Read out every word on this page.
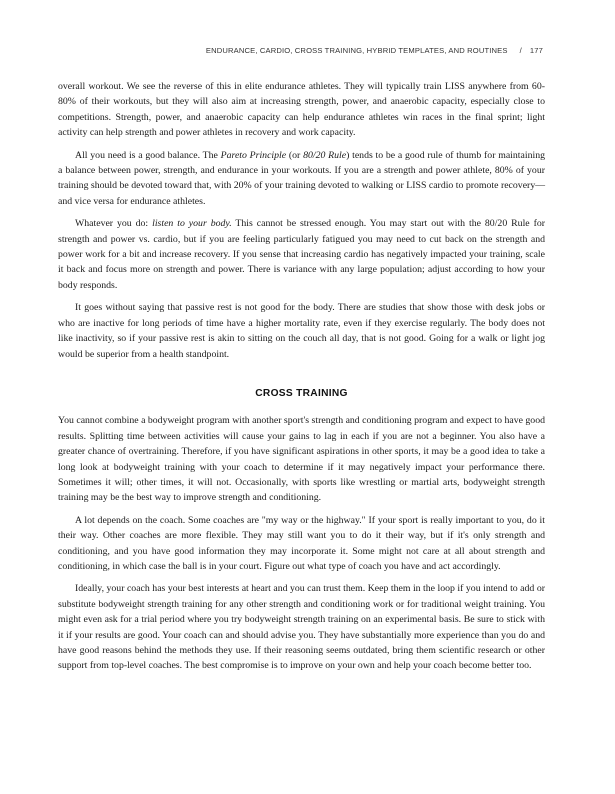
ENDURANCE, CARDIO, CROSS TRAINING, HYBRID TEMPLATES, AND ROUTINES / 177

overall workout. We see the reverse of this in elite endurance athletes. They will typically train LISS anywhere from 60-80% of their workouts, but they will also aim at increasing strength, power, and anaerobic capacity, especially close to competitions. Strength, power, and anaerobic capacity can help endurance athletes win races in the final sprint; light activity can help strength and power athletes in recovery and work capacity.

All you need is a good balance. The Pareto Principle (or 80/20 Rule) tends to be a good rule of thumb for maintaining a balance between power, strength, and endurance in your workouts. If you are a strength and power athlete, 80% of your training should be devoted toward that, with 20% of your training devoted to walking or LISS cardio to promote recovery—and vice versa for endurance athletes.

Whatever you do: listen to your body. This cannot be stressed enough. You may start out with the 80/20 Rule for strength and power vs. cardio, but if you are feeling particularly fatigued you may need to cut back on the strength and power work for a bit and increase recovery. If you sense that increasing cardio has negatively impacted your training, scale it back and focus more on strength and power. There is variance with any large population; adjust according to how your body responds.

It goes without saying that passive rest is not good for the body. There are studies that show those with desk jobs or who are inactive for long periods of time have a higher mortality rate, even if they exercise regularly. The body does not like inactivity, so if your passive rest is akin to sitting on the couch all day, that is not good. Going for a walk or light jog would be superior from a health standpoint.

CROSS TRAINING

You cannot combine a bodyweight program with another sport's strength and conditioning program and expect to have good results. Splitting time between activities will cause your gains to lag in each if you are not a beginner. You also have a greater chance of overtraining. Therefore, if you have significant aspirations in other sports, it may be a good idea to take a long look at bodyweight training with your coach to determine if it may negatively impact your performance there. Sometimes it will; other times, it will not. Occasionally, with sports like wrestling or martial arts, bodyweight strength training may be the best way to improve strength and conditioning.

A lot depends on the coach. Some coaches are "my way or the highway." If your sport is really important to you, do it their way. Other coaches are more flexible. They may still want you to do it their way, but if it's only strength and conditioning, and you have good information they may incorporate it. Some might not care at all about strength and conditioning, in which case the ball is in your court. Figure out what type of coach you have and act accordingly.

Ideally, your coach has your best interests at heart and you can trust them. Keep them in the loop if you intend to add or substitute bodyweight strength training for any other strength and conditioning work or for traditional weight training. You might even ask for a trial period where you try bodyweight strength training on an experimental basis. Be sure to stick with it if your results are good. Your coach can and should advise you. They have substantially more experience than you do and have good reasons behind the methods they use. If their reasoning seems outdated, bring them scientific research or other support from top-level coaches. The best compromise is to improve on your own and help your coach become better too.
